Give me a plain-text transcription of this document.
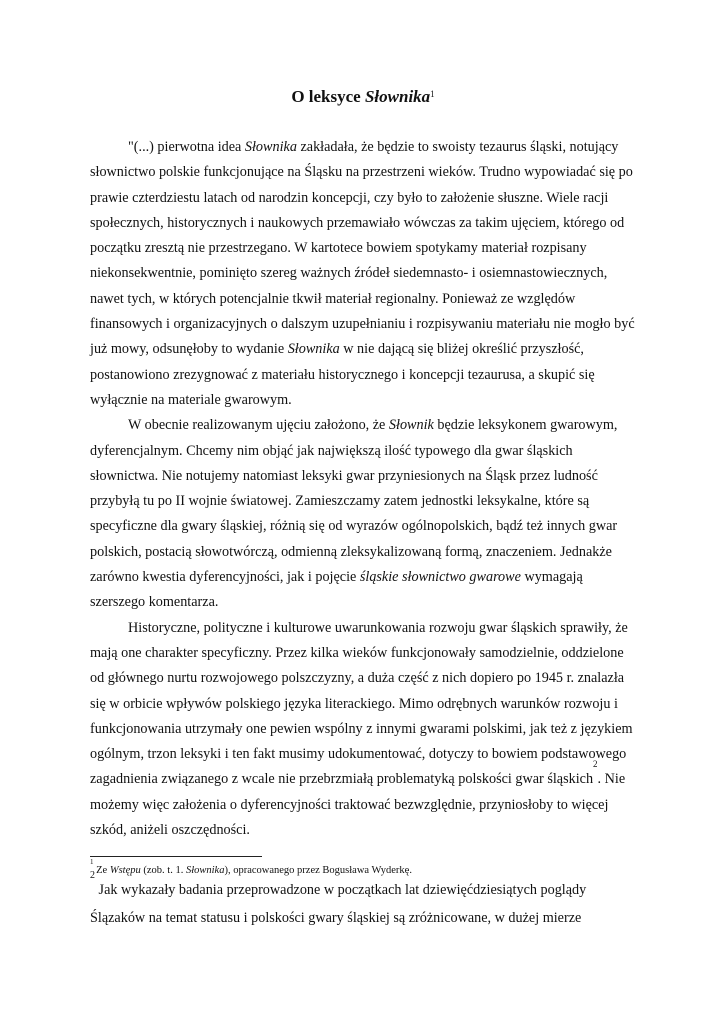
O leksyce Słownika$^1$

"(...) pierwotna idea Słownika zakładała, że będzie to swoisty tezaurus śląski, notujący słownictwo polskie funkcjonujące na Śląsku na przestrzeni wieków. Trudno wypowiadać się po prawie czterdziestu latach od narodzin koncepcji, czy było to założenie słuszne. Wiele racji społecznych, historycznych i naukowych przemawiało wówczas za takim ujęciem, którego od początku zresztą nie przestrzegano. W kartotece bowiem spotykamy materiał rozpisany niekonsekwentnie, pominięto szereg ważnych źródeł siedemnasto- i osiemnastowiecznych, nawet tych, w których potencjalnie tkwił materiał regionalny. Ponieważ ze względów finansowych i organizacyjnych o dalszym uzupełnianiu i rozpisywaniu materiału nie mogło być już mowy, odsunęłoby to wydanie Słownika w nie dającą się bliżej określić przyszłość, postanowiono zrezygnować z materiału historycznego i koncepcji tezaurusa, a skupić się wyłącznie na materiale gwarowym.

W obecnie realizowanym ujęciu założono, że Słownik będzie leksykonem gwarowym, dyferencjalnym. Chcemy nim objąć jak największą ilość typowego dla gwar śląskich słownictwa. Nie notujemy natomiast leksyki gwar przyniesionych na Śląsk przez ludność przybyłą tu po II wojnie światowej. Zamieszczamy zatem jednostki leksykalne, które są specyficzne dla gwary śląskiej, różnią się od wyrazów ogólnopolskich, bądź też innych gwar polskich, postacią słowotwórczą, odmienną zleksykalizowaną formą, znaczeniem. Jednakże zarówno kwestia dyferencyjności, jak i pojęcie śląskie słownictwo gwarowe wymagają szerszego komentarza.

Historyczne, polityczne i kulturowe uwarunkowania rozwoju gwar śląskich sprawiły, że mają one charakter specyficzny. Przez kilka wieków funkcjonowały samodzielnie, oddzielone od głównego nurtu rozwojowego polszczyzny, a duża część z nich dopiero po 1945 r. znalazła się w orbicie wpływów polskiego języka literackiego. Mimo odrębnych warunków rozwoju i funkcjonowania utrzymały one pewien wspólny z innymi gwarami polskimi, jak też z językiem ogólnym, trzon leksyki i ten fakt musimy udokumentować, dotyczy to bowiem podstawowego zagadnienia związanego z wcale nie przebrzmiałą problematyką polskości gwar śląskich$^2$. Nie możemy więc założenia o dyferencyjności traktować bezwzględnie, przyniosłoby to więcej szkód, aniżeli oszczędności.

$^1$ Ze Wstępu (zob. t. 1. Słownika), opracowanego przez Bogusława Wyderkę.

$^2$ Jak wykazały badania przeprowadzone w początkach lat dziewięćdziesiątych poglądy
Ślązaków na temat statusu i polskości gwary śląskiej są zróżnicowane, w dużej mierze
